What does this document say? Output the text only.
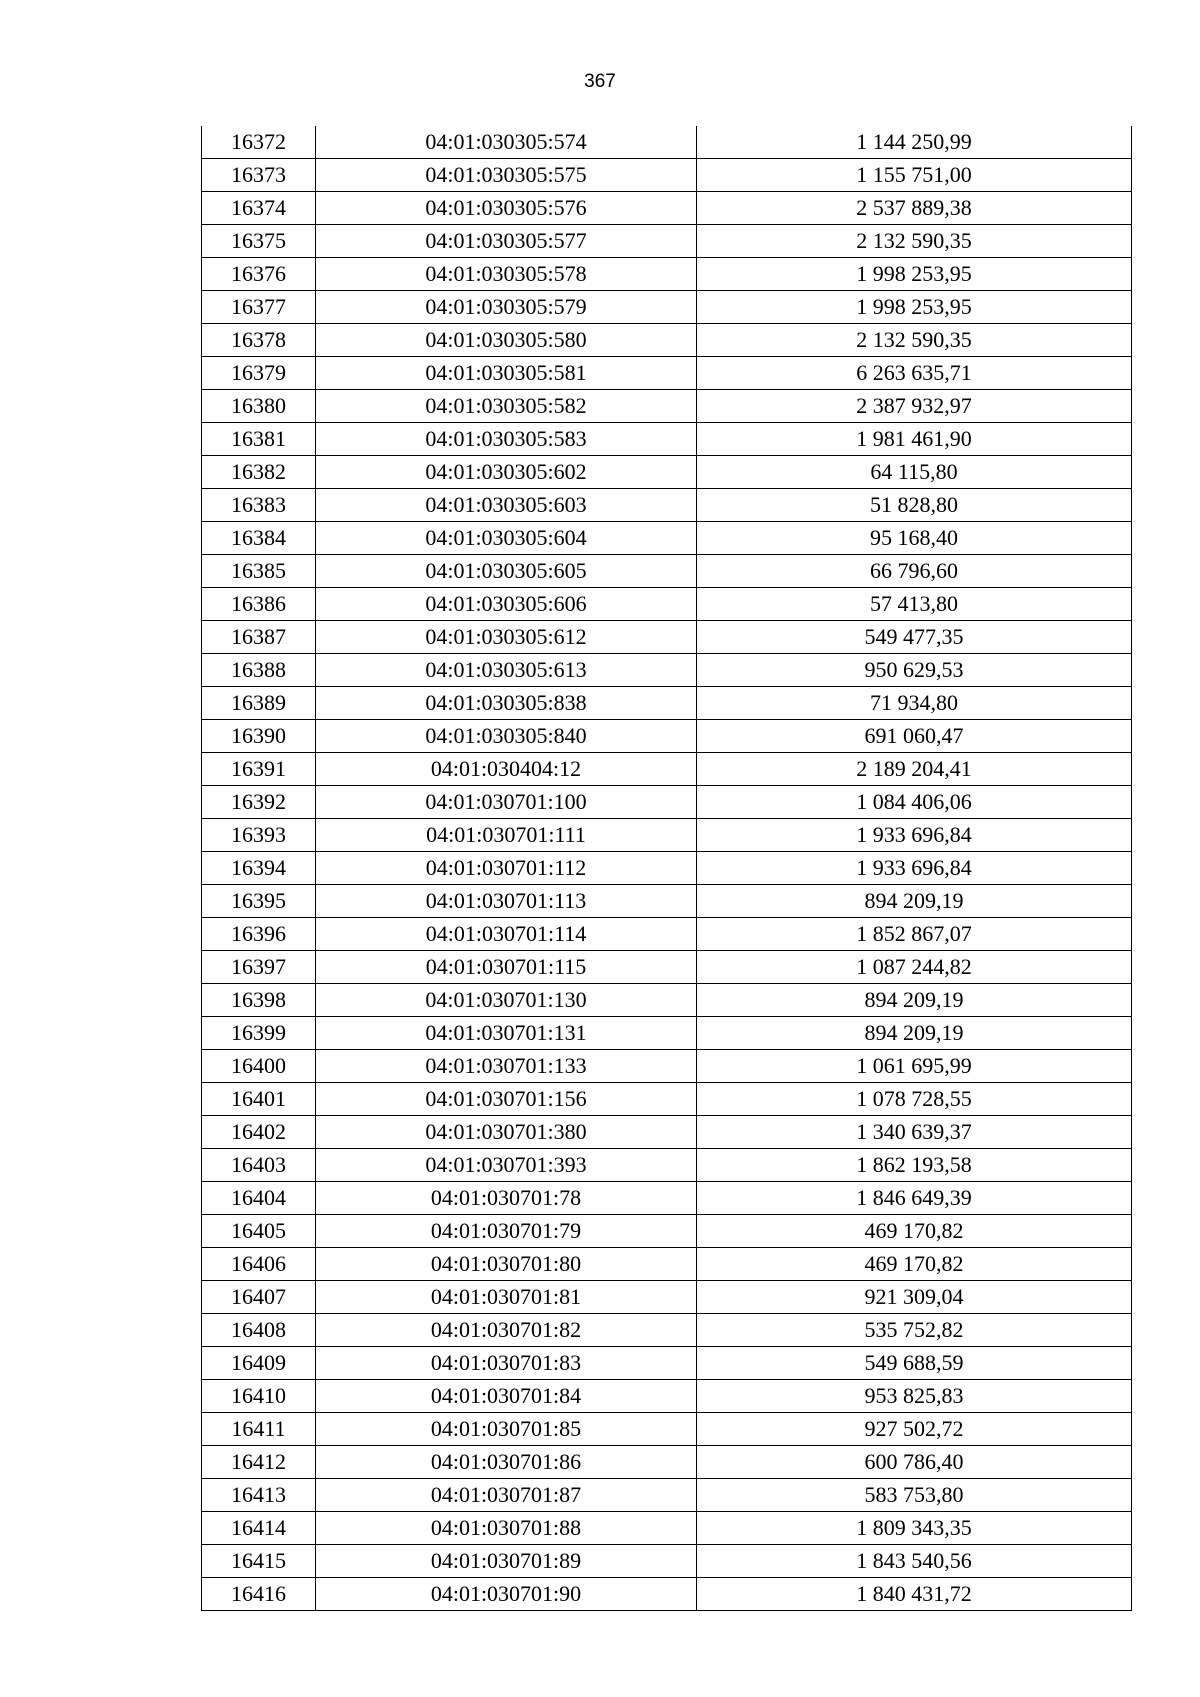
367
16372	04:01:030305:574	1 144 250,99
16373	04:01:030305:575	1 155 751,00
16374	04:01:030305:576	2 537 889,38
16375	04:01:030305:577	2 132 590,35
16376	04:01:030305:578	1 998 253,95
16377	04:01:030305:579	1 998 253,95
16378	04:01:030305:580	2 132 590,35
16379	04:01:030305:581	6 263 635,71
16380	04:01:030305:582	2 387 932,97
16381	04:01:030305:583	1 981 461,90
16382	04:01:030305:602	64 115,80
16383	04:01:030305:603	51 828,80
16384	04:01:030305:604	95 168,40
16385	04:01:030305:605	66 796,60
16386	04:01:030305:606	57 413,80
16387	04:01:030305:612	549 477,35
16388	04:01:030305:613	950 629,53
16389	04:01:030305:838	71 934,80
16390	04:01:030305:840	691 060,47
16391	04:01:030404:12	2 189 204,41
16392	04:01:030701:100	1 084 406,06
16393	04:01:030701:111	1 933 696,84
16394	04:01:030701:112	1 933 696,84
16395	04:01:030701:113	894 209,19
16396	04:01:030701:114	1 852 867,07
16397	04:01:030701:115	1 087 244,82
16398	04:01:030701:130	894 209,19
16399	04:01:030701:131	894 209,19
16400	04:01:030701:133	1 061 695,99
16401	04:01:030701:156	1 078 728,55
16402	04:01:030701:380	1 340 639,37
16403	04:01:030701:393	1 862 193,58
16404	04:01:030701:78	1 846 649,39
16405	04:01:030701:79	469 170,82
16406	04:01:030701:80	469 170,82
16407	04:01:030701:81	921 309,04
16408	04:01:030701:82	535 752,82
16409	04:01:030701:83	549 688,59
16410	04:01:030701:84	953 825,83
16411	04:01:030701:85	927 502,72
16412	04:01:030701:86	600 786,40
16413	04:01:030701:87	583 753,80
16414	04:01:030701:88	1 809 343,35
16415	04:01:030701:89	1 843 540,56
16416	04:01:030701:90	1 840 431,72
